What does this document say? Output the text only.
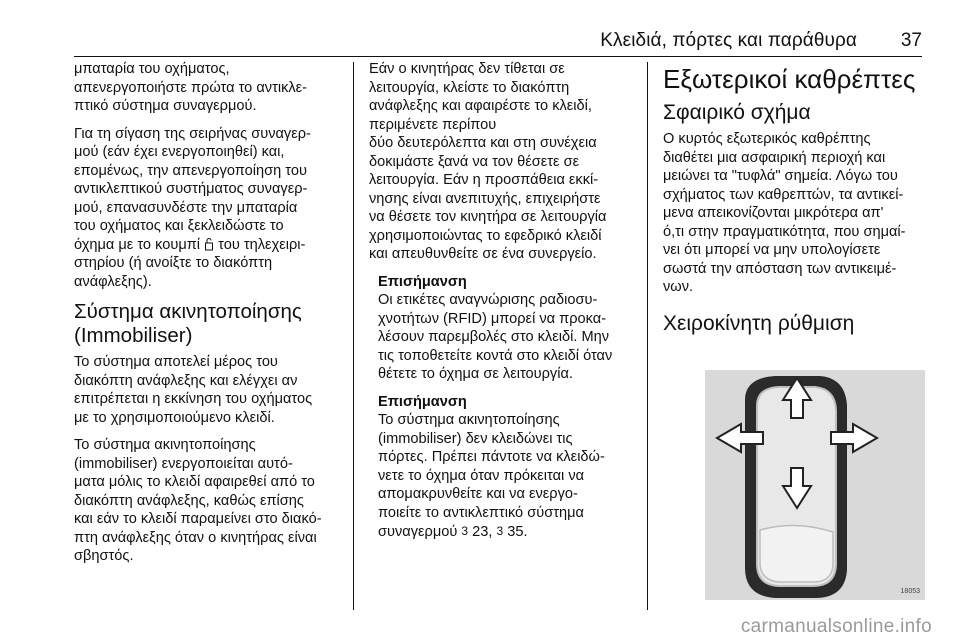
Κλειδιά, πόρτες και παράθυρα 37

μπαταρία του οχήματος,
απενεργοποιήστε πρώτα το αντικλε‐
πτικό σύστημα συναγερμού.

Για τη σίγαση της σειρήνας συναγερ‐
μού (εάν έχει ενεργοποιηθεί) και,
επομένως, την απενεργοποίηση του
αντικλεπτικού συστήματος συναγερ‐
μού, επανασυνδέστε την μπαταρία
του οχήματος και ξεκλειδώστε το
όχημα με το κουμπί του τηλεχειρι‐
στηρίου (ή ανοίξτε το διακόπτη
ανάφλεξης).

Σύστημα ακινητοποίησης
(Immobiliser)

Το σύστημα αποτελεί μέρος του
διακόπτη ανάφλεξης και ελέγχει αν
επιτρέπεται η εκκίνηση του οχήματος
με το χρησιμοποιούμενο κλειδί.

Το σύστημα ακινητοποίησης
(immobiliser) ενεργοποιείται αυτό‐
ματα μόλις το κλειδί αφαιρεθεί από το
διακόπτη ανάφλεξης, καθώς επίσης
και εάν το κλειδί παραμείνει στο διακό‐
πτη ανάφλεξης όταν ο κινητήρας είναι
σβηστός.

Εάν ο κινητήρας δεν τίθεται σε
λειτουργία, κλείστε το διακόπτη
ανάφλεξης και αφαιρέστε το κλειδί,
περιμένετε περίπου
δύο δευτερόλεπτα και στη συνέχεια
δοκιμάστε ξανά να τον θέσετε σε
λειτουργία. Εάν η προσπάθεια εκκί‐
νησης είναι ανεπιτυχής, επιχειρήστε
να θέσετε τον κινητήρα σε λειτουργία
χρησιμοποιώντας το εφεδρικό κλειδί
και απευθυνθείτε σε ένα συνεργείο.

Επισήμανση
Οι ετικέτες αναγνώρισης ραδιοσυ‐
χνοτήτων (RFID) μπορεί να προκα‐
λέσουν παρεμβολές στο κλειδί. Μην
τις τοποθετείτε κοντά στο κλειδί όταν
θέτετε το όχημα σε λειτουργία.
Επισήμανση
Το σύστημα ακινητοποίησης
(immobiliser) δεν κλειδώνει τις
πόρτες. Πρέπει πάντοτε να κλειδώ‐
νετε το όχημα όταν πρόκειται να
απομακρυνθείτε και να ενεργο‐
ποιείτε το αντικλεπτικό σύστημα
συναγερμού 3 23, 3 35.
Εξωτερικοί καθρέπτες
Σφαιρικό σχήμα

Ο κυρτός εξωτερικός καθρέπτης
διαθέτει μια ασφαιρική περιοχή και
μειώνει τα "τυφλά" σημεία. Λόγω του
σχήματος των καθρεπτών, τα αντικεί‐
μενα απεικονίζονται μικρότερα απ'
ό,τι στην πραγματικότητα, που σημαί‐
νει ότι μπορεί να μην υπολογίσετε
σωστά την απόσταση των αντικειμέ‐
νων.

Χειροκίνητη ρύθμιση
18053
carmanualsonline.info
